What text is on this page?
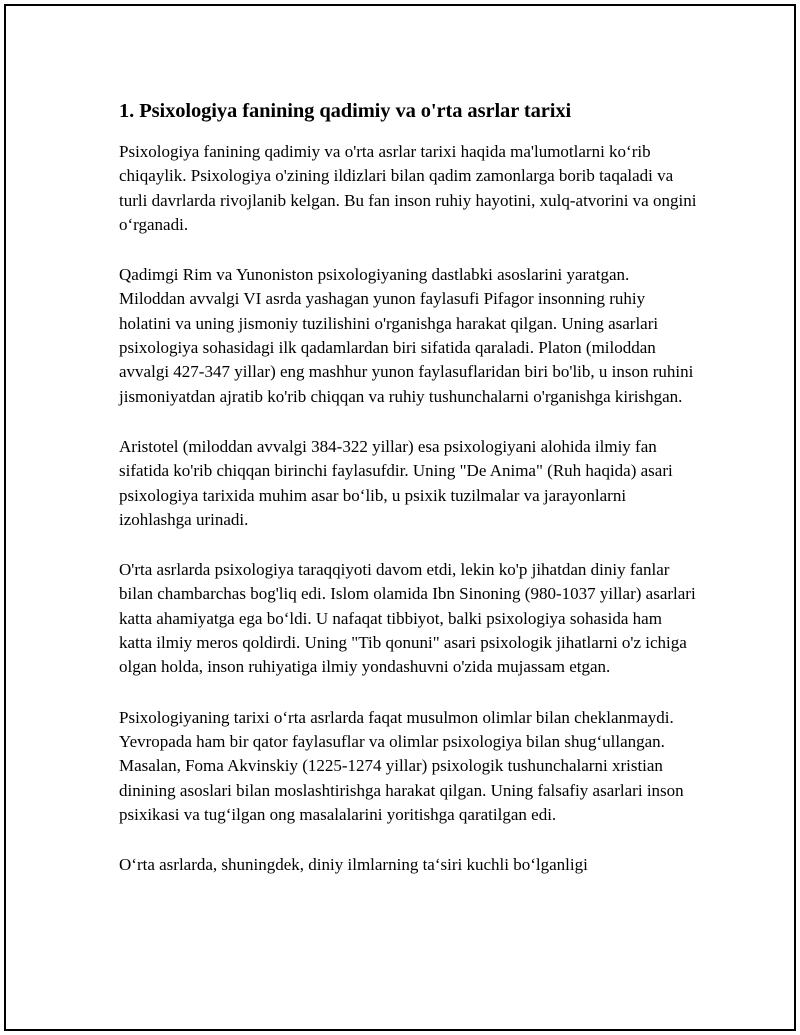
1. Psixologiya fanining qadimiy va o'rta asrlar tarixi

Psixologiya fanining qadimiy va o'rta asrlar tarixi haqida ma'lumotlarni ko‘rib chiqaylik. Psixologiya o'zining ildizlari bilan qadim zamonlarga borib taqaladi va turli davrlarda rivojlanib kelgan. Bu fan inson ruhiy hayotini, xulq-atvorini va ongini o‘rganadi.

Qadimgi Rim va Yunoniston psixologiyaning dastlabki asoslarini yaratgan. Miloddan avvalgi VI asrda yashagan yunon faylasufi Pifagor insonning ruhiy holatini va uning jismoniy tuzilishini o'rganishga harakat qilgan. Uning asarlari psixologiya sohasidagi ilk qadamlardan biri sifatida qaraladi. Platon (miloddan avvalgi 427-347 yillar) eng mashhur yunon faylasuflaridan biri bo'lib, u inson ruhini jismoniyatdan ajratib ko'rib chiqqan va ruhiy tushunchalarni o'rganishga kirishgan.

Aristotel (miloddan avvalgi 384-322 yillar) esa psixologiyani alohida ilmiy fan sifatida ko'rib chiqqan birinchi faylasufdir. Uning "De Anima" (Ruh haqida) asari psixologiya tarixida muhim asar bo‘lib, u psixik tuzilmalar va jarayonlarni izohlashga urinadi.

O'rta asrlarda psixologiya taraqqiyoti davom etdi, lekin ko'p jihatdan diniy fanlar bilan chambarchas bog'liq edi. Islom olamida Ibn Sinoning (980-1037 yillar) asarlari katta ahamiyatga ega bo‘ldi. U nafaqat tibbiyot, balki psixologiya sohasida ham katta ilmiy meros qoldirdi. Uning "Tib qonuni" asari psixologik jihatlarni o'z ichiga olgan holda, inson ruhiyatiga ilmiy yondashuvni o'zida mujassam etgan.

Psixologiyaning tarixi o‘rta asrlarda faqat musulmon olimlar bilan cheklanmaydi. Yevropada ham bir qator faylasuflar va olimlar psixologiya bilan shug‘ullangan. Masalan, Foma Akvinskiy (1225-1274 yillar) psixologik tushunchalarni xristian dinining asoslari bilan moslashtirishga harakat qilgan. Uning falsafiy asarlari inson psixikasi va tug‘ilgan ong masalalarini yoritishga qaratilgan edi.

O‘rta asrlarda, shuningdek, diniy ilmlarning ta‘siri kuchli bo‘lganligi
